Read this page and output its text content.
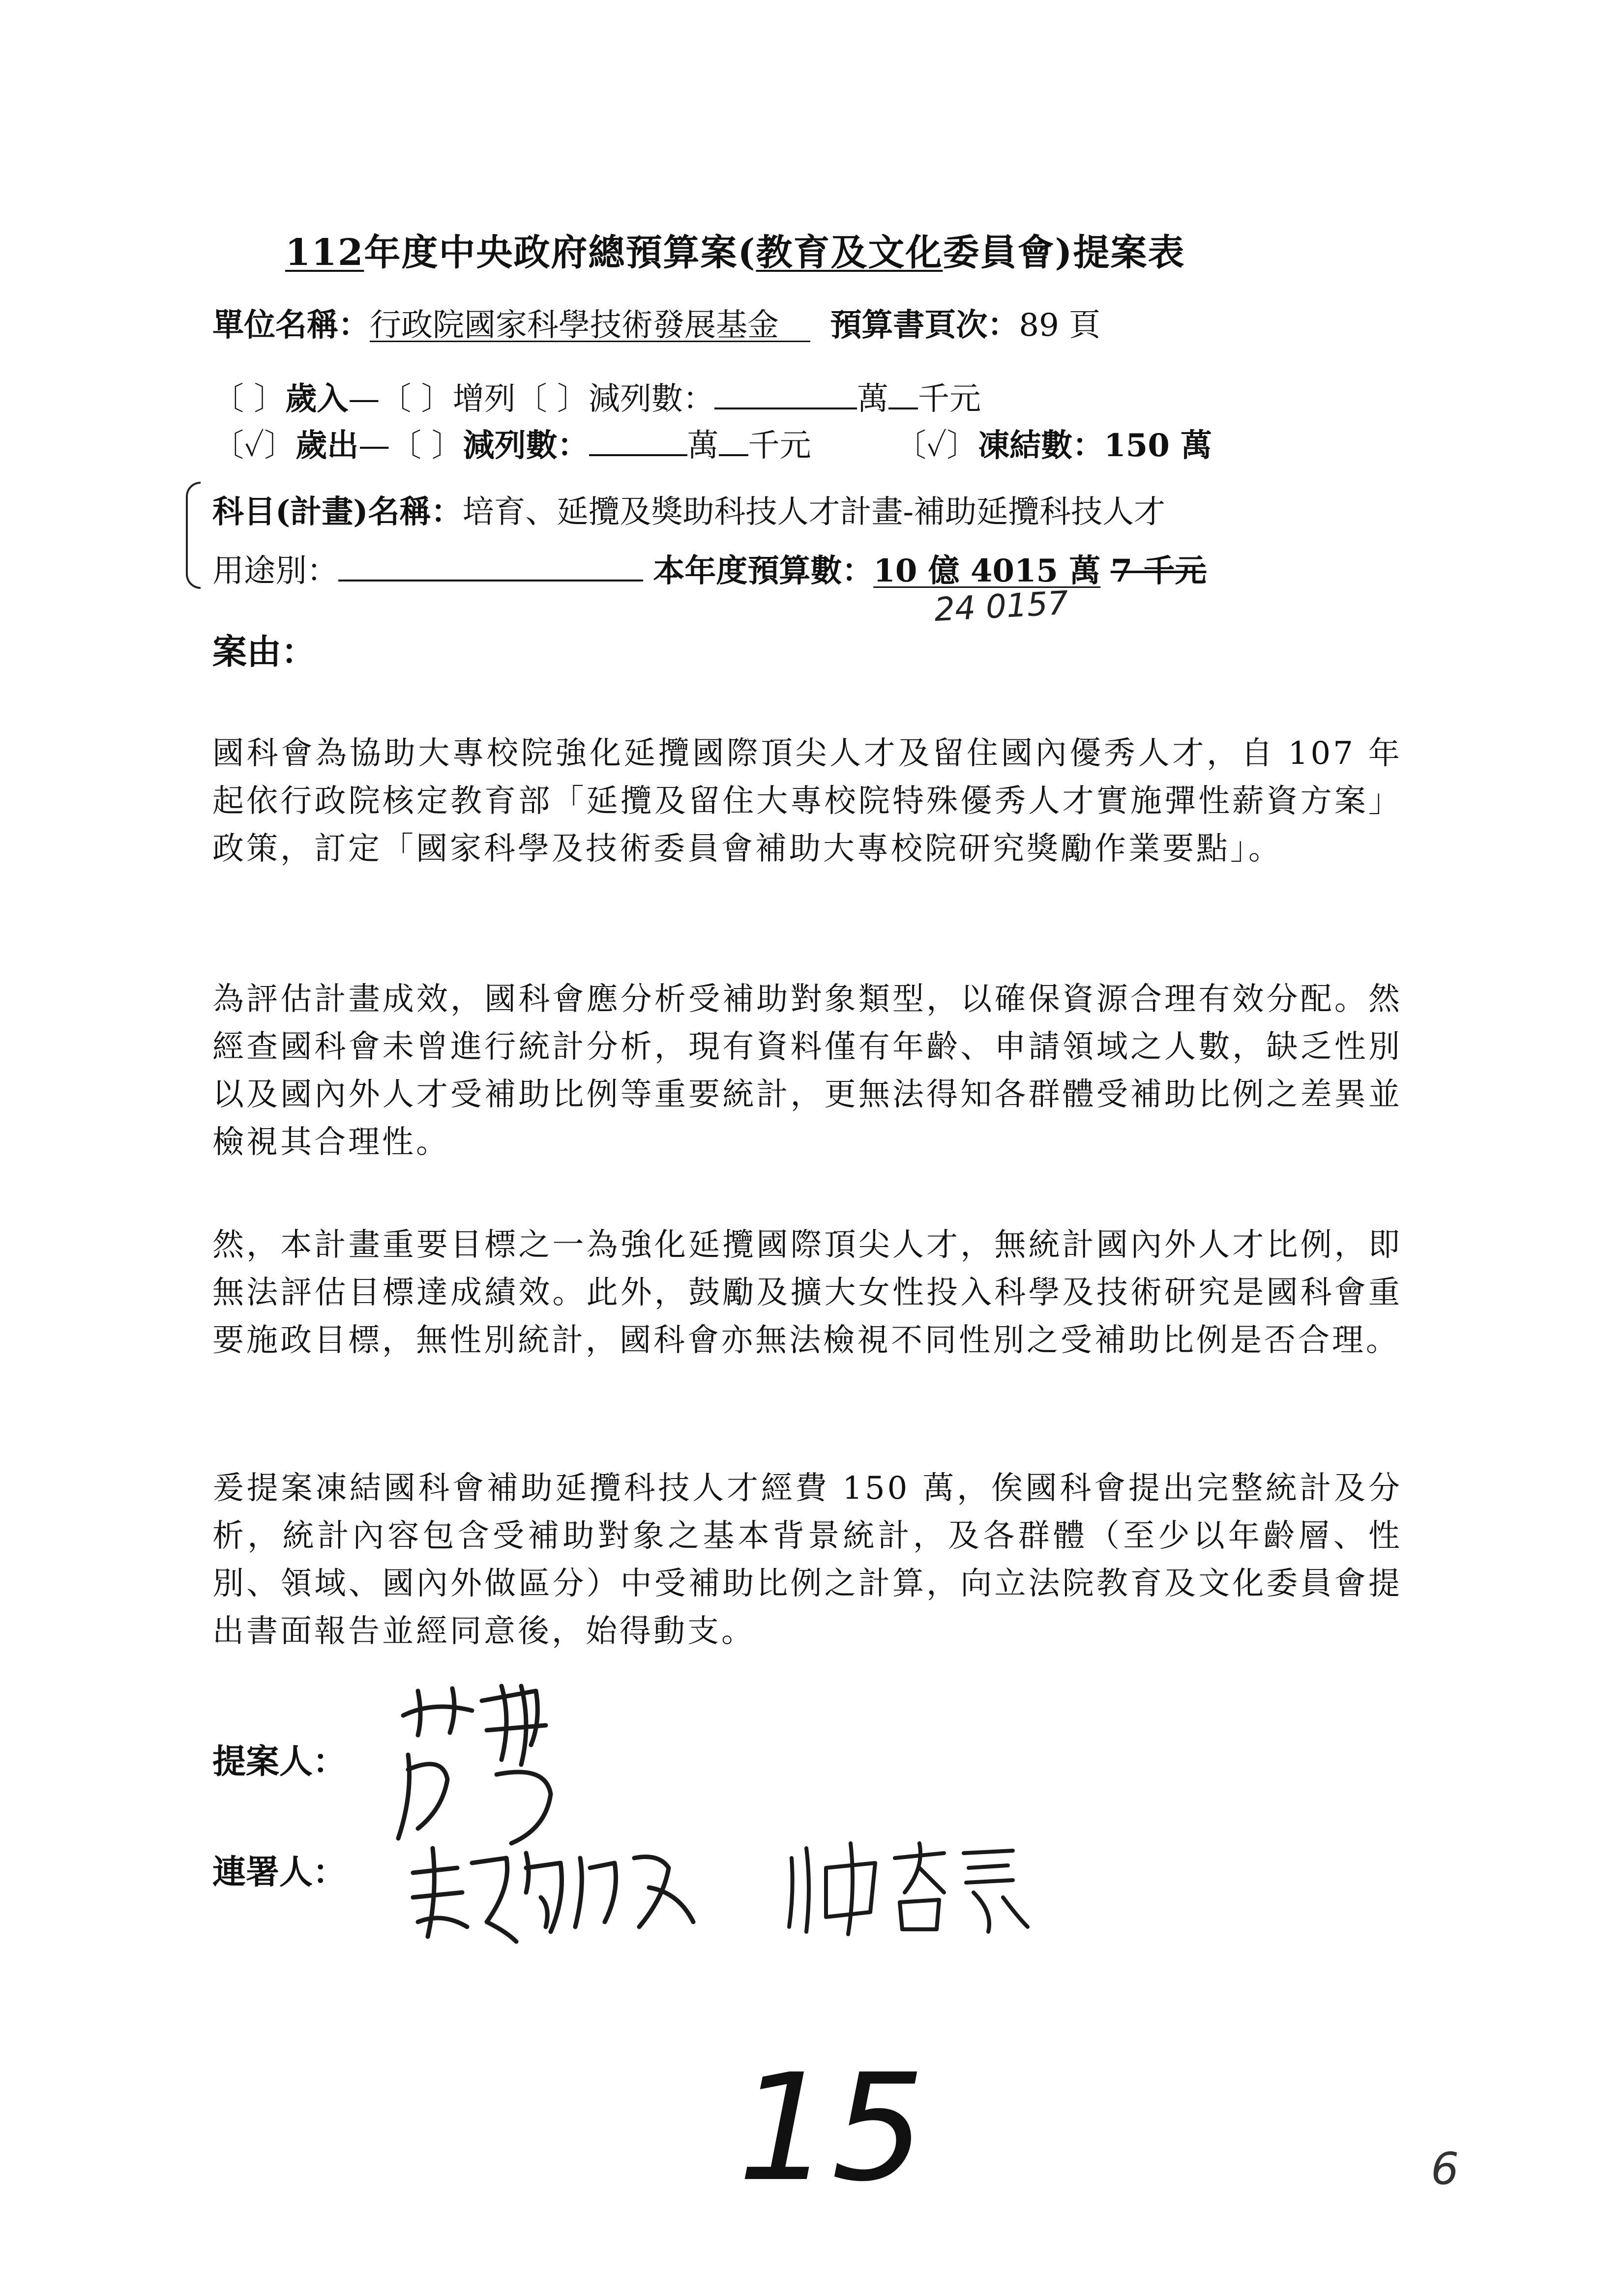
112年度中央政府總預算案(教育及文化委員會)提案表
單位名稱：行政院國家科學技術發展基金　 預算書頁次：89 頁
〔 〕歲入—〔 〕增列〔 〕減列數：	萬 千元
〔✓〕歲出—〔 〕減列數：	萬 千元	〔✓〕凍結數：150 萬
科目(計畫)名稱：培育、延攬及獎助科技人才計畫-補助延攬科技人才
用途別：	本年度預算數：10 億 4015 萬 7 千元
24 0157
案由：
國科會為協助大專校院強化延攬國際頂尖人才及留住國內優秀人才，自 107 年起依行政院核定教育部「延攬及留住大專校院特殊優秀人才實施彈性薪資方案」政策，訂定「國家科學及技術委員會補助大專校院研究獎勵作業要點」。
為評估計畫成效，國科會應分析受補助對象類型，以確保資源合理有效分配。然經查國科會未曾進行統計分析，現有資料僅有年齡、申請領域之人數，缺乏性別以及國內外人才受補助比例等重要統計，更無法得知各群體受補助比例之差異並檢視其合理性。
然，本計畫重要目標之一為強化延攬國際頂尖人才，無統計國內外人才比例，即無法評估目標達成績效。此外，鼓勵及擴大女性投入科學及技術研究是國科會重要施政目標，無性別統計，國科會亦無法檢視不同性別之受補助比例是否合理。
爰提案凍結國科會補助延攬科技人才經費 150 萬，俟國科會提出完整統計及分析，統計內容包含受補助對象之基本背景統計，及各群體（至少以年齡層、性別、領域、國內外做區分）中受補助比例之計算，向立法院教育及文化委員會提出書面報告並經同意後，始得動支。
提案人：
連署人：
15	6
